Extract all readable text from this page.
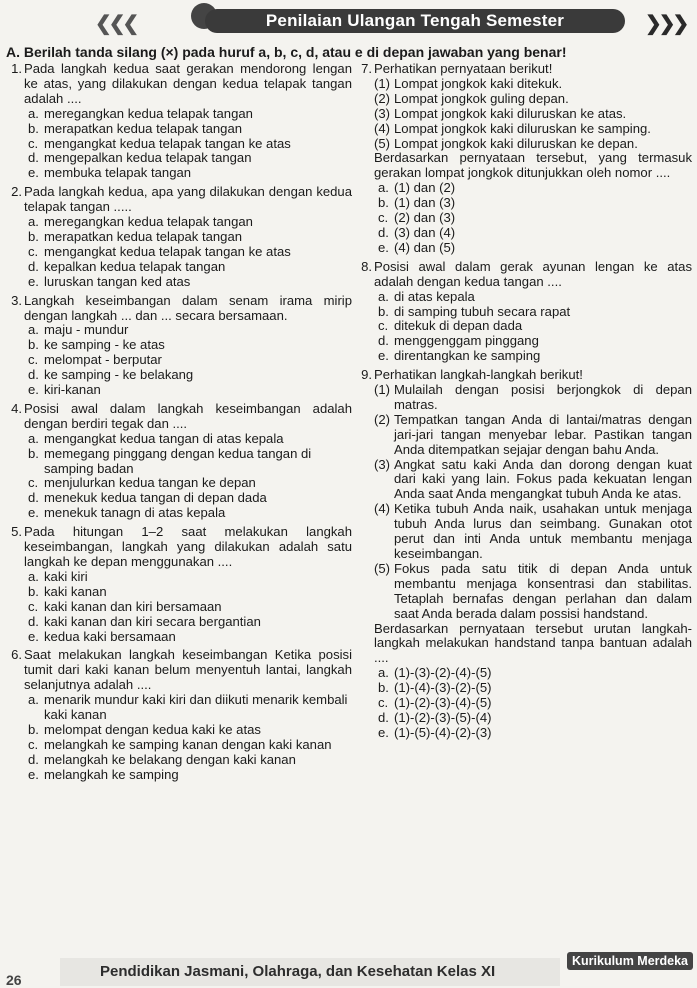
❮❮❮	Penilaian Ulangan Tengah Semester	❯❯❯
A. Berilah tanda silang (×) pada huruf a, b, c, d, atau e di depan jawaban yang benar!
1. Pada langkah kedua saat gerakan mendorong lengan ke atas, yang dilakukan dengan kedua telapak tangan adalah ....
a. meregangkan kedua telapak tangan
b. merapatkan kedua telapak tangan
c. mengangkat kedua telapak tangan ke atas
d. mengepalkan kedua telapak tangan
e. membuka telapak tangan
2. Pada langkah kedua, apa yang dilakukan dengan kedua telapak tangan .....
a. meregangkan kedua telapak tangan
b. merapatkan kedua telapak tangan
c. mengangkat kedua telapak tangan ke atas
d. kepalkan kedua telapak tangan
e. luruskan tangan ked atas
3. Langkah keseimbangan dalam senam irama mirip dengan langkah ... dan ... secara bersamaan.
a. maju - mundur
b. ke samping - ke atas
c. melompat - berputar
d. ke samping - ke belakang
e. kiri-kanan
4. Posisi awal dalam langkah keseimbangan adalah dengan berdiri tegak dan ....
a. mengangkat kedua tangan di atas kepala
b. memegang pinggang dengan kedua tangan di samping badan
c. menjulurkan kedua tangan ke depan
d. menekuk kedua tangan di depan dada
e. menekuk tanagn di atas kepala
5. Pada hitungan 1–2 saat melakukan langkah keseimbangan, langkah yang dilakukan adalah satu langkah ke depan menggunakan ....
a. kaki kiri
b. kaki kanan
c. kaki kanan dan kiri bersamaan
d. kaki kanan dan kiri secara bergantian
e. kedua kaki bersamaan
6. Saat melakukan langkah keseimbangan Ketika posisi tumit dari kaki kanan belum menyentuh lantai, langkah selanjutnya adalah ....
a. menarik mundur kaki kiri dan diikuti menarik kembali kaki kanan
b. melompat dengan kedua kaki ke atas
c. melangkah ke samping kanan dengan kaki kanan
d. melangkah ke belakang dengan kaki kanan
e. melangkah ke samping
7. Perhatikan pernyataan berikut!
(1) Lompat jongkok kaki ditekuk.
(2) Lompat jongkok guling depan.
(3) Lompat jongkok kaki diluruskan ke atas.
(4) Lompat jongkok kaki diluruskan ke samping.
(5) Lompat jongkok kaki diluruskan ke depan.
Berdasarkan pernyataan tersebut, yang termasuk gerakan lompat jongkok ditunjukkan oleh nomor ....
a. (1) dan (2)
b. (1) dan (3)
c. (2) dan (3)
d. (3) dan (4)
e. (4) dan (5)
8. Posisi awal dalam gerak ayunan lengan ke atas adalah dengan kedua tangan ....
a. di atas kepala
b. di samping tubuh secara rapat
c. ditekuk di depan dada
d. menggenggam pinggang
e. direntangkan ke samping
9. Perhatikan langkah-langkah berikut!
(1) Mulailah dengan posisi berjongkok di depan matras.
(2) Tempatkan tangan Anda di lantai/matras dengan jari-jari tangan menyebar lebar. Pastikan tangan Anda ditempatkan sejajar dengan bahu Anda.
(3) Angkat satu kaki Anda dan dorong dengan kuat dari kaki yang lain. Fokus pada kekuatan lengan Anda saat Anda mengangkat tubuh Anda ke atas.
(4) Ketika tubuh Anda naik, usahakan untuk menjaga tubuh Anda lurus dan seimbang. Gunakan otot perut dan inti Anda untuk membantu menjaga keseimbangan.
(5) Fokus pada satu titik di depan Anda untuk membantu menjaga konsentrasi dan stabilitas. Tetaplah bernafas dengan perlahan dan dalam saat Anda berada dalam possisi handstand.
Berdasarkan pernyataan tersebut urutan langkah-langkah melakukan handstand tanpa bantuan adalah ....
a. (1)-(3)-(2)-(4)-(5)
b. (1)-(4)-(3)-(2)-(5)
c. (1)-(2)-(3)-(4)-(5)
d. (1)-(2)-(3)-(5)-(4)
e. (1)-(5)-(4)-(2)-(3)
26	Pendidikan Jasmani, Olahraga, dan Kesehatan Kelas XI
Kurikulum Merdeka
